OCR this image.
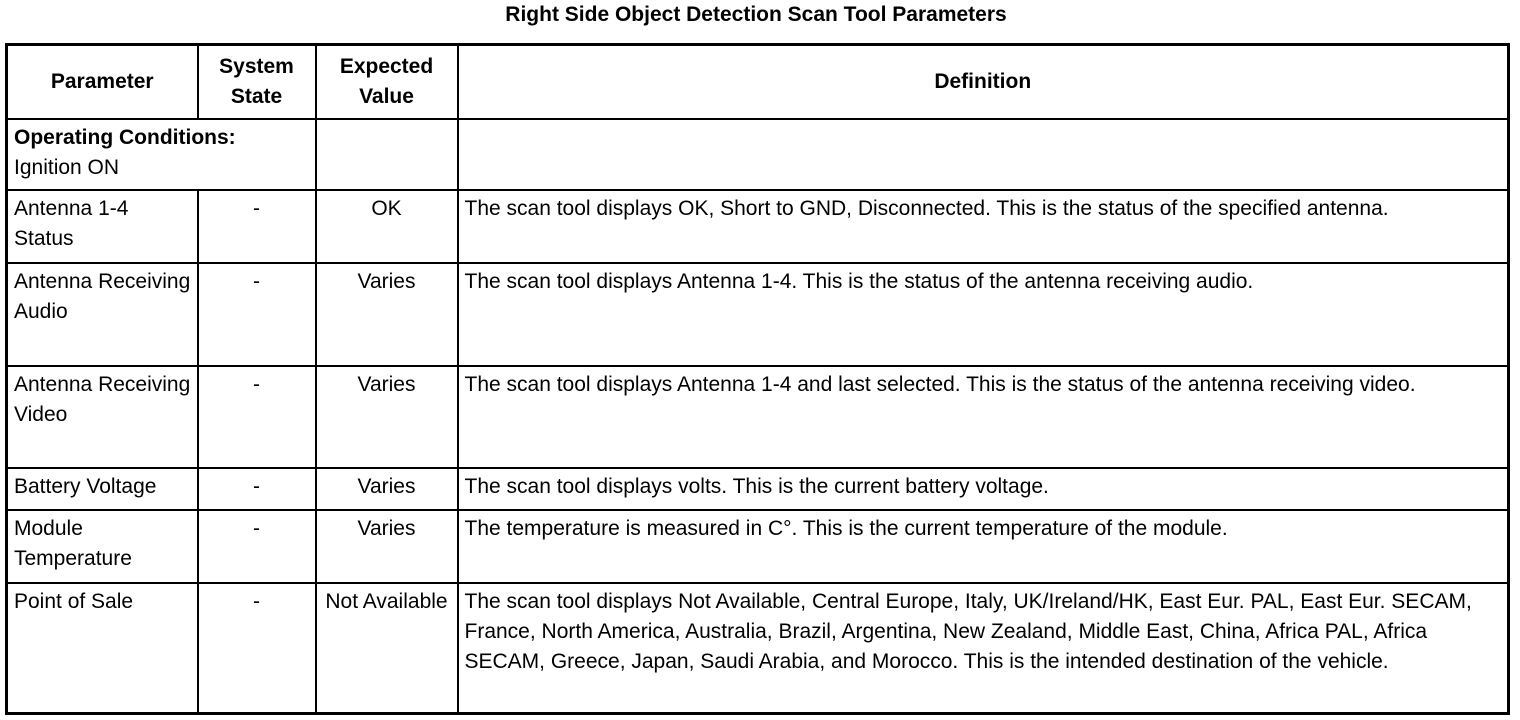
Right Side Object Detection Scan Tool Parameters
Parameter	System State	Expected Value	Definition

Operating Conditions:
Ignition ON			

Antenna 1-4 Status	-	OK	The scan tool displays OK, Short to GND, Disconnected. This is the status of the specified antenna.
Antenna Receiving Audio	-	Varies	The scan tool displays Antenna 1-4. This is the status of the antenna receiving audio.
Antenna Receiving Video	-	Varies	The scan tool displays Antenna 1-4 and last selected. This is the status of the antenna receiving video.
Battery Voltage	-	Varies	The scan tool displays volts. This is the current battery voltage.
Module Temperature	-	Varies	The temperature is measured in C°. This is the current temperature of the module.
Point of Sale	-	Not Available	The scan tool displays Not Available, Central Europe, Italy, UK/Ireland/HK, East Eur. PAL, East Eur. SECAM, France, North America, Australia, Brazil, Argentina, New Zealand, Middle East, China, Africa PAL, Africa SECAM, Greece, Japan, Saudi Arabia, and Morocco. This is the intended destination of the vehicle.
